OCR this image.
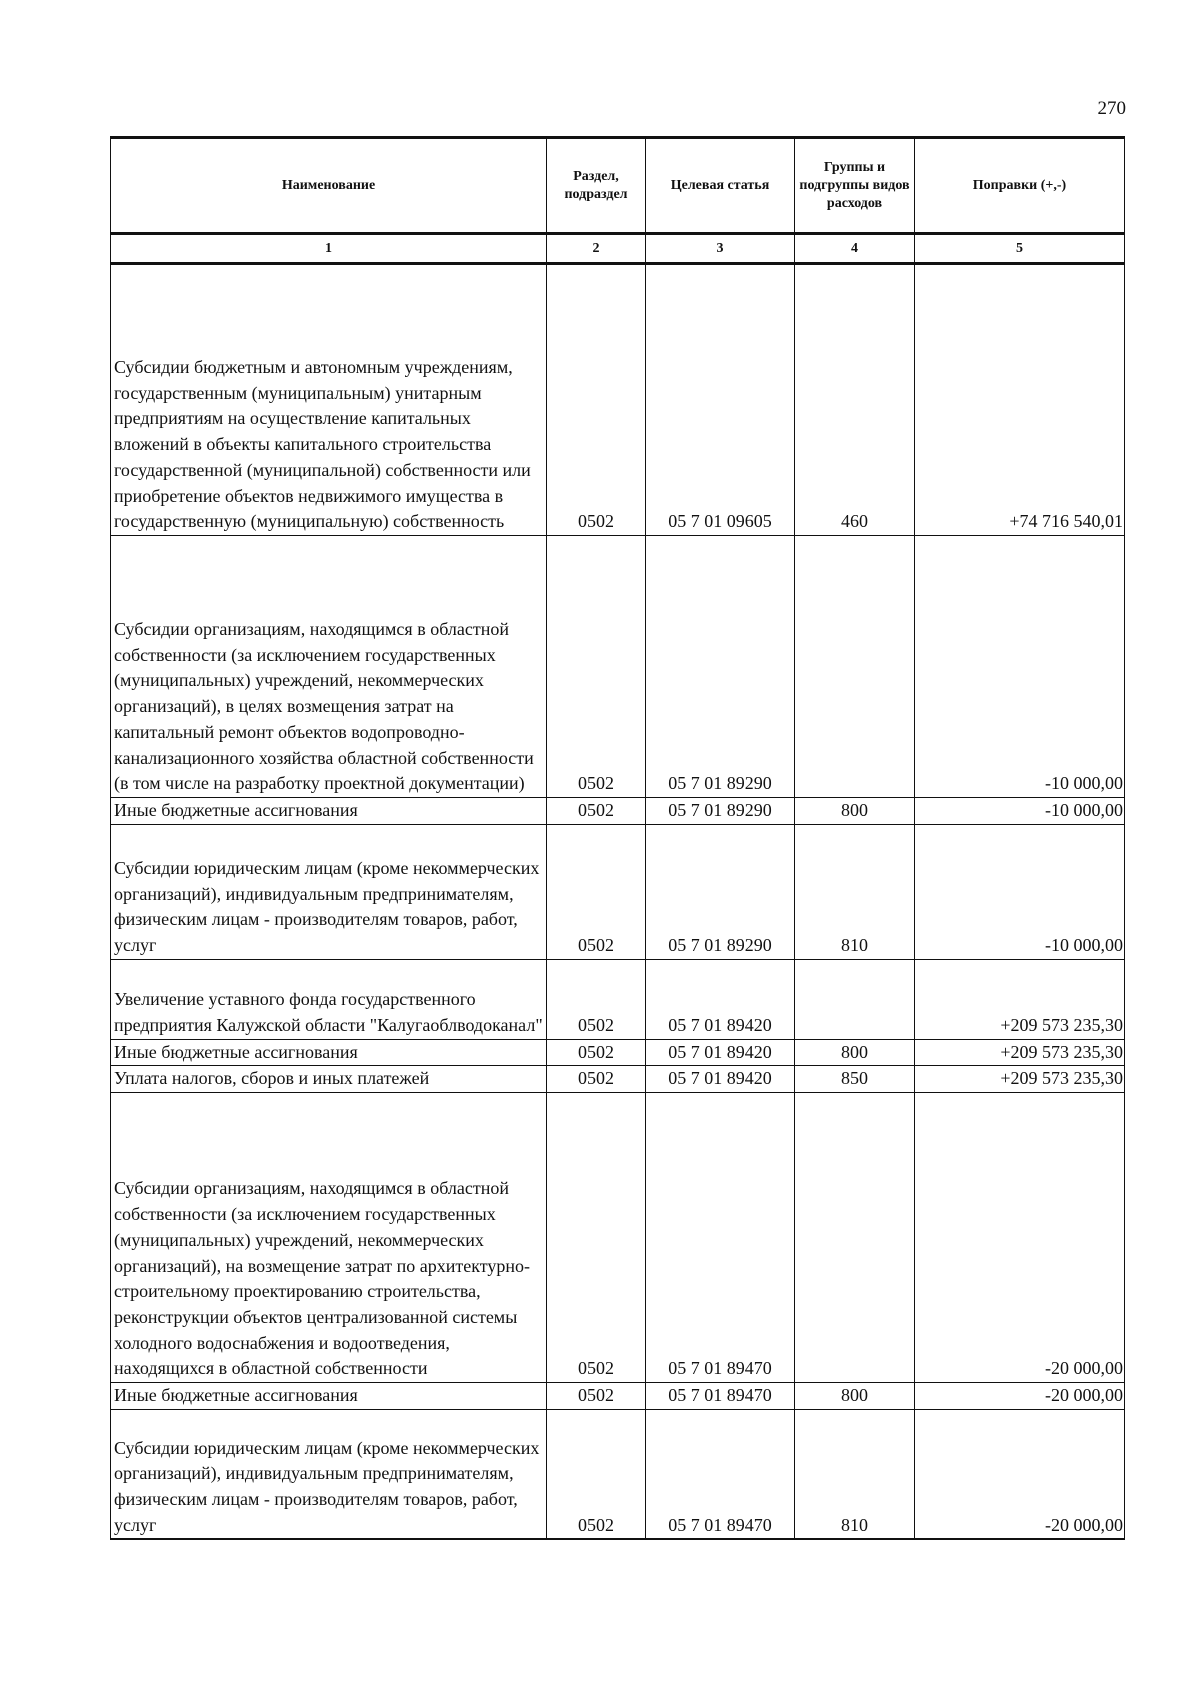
270
Наименование	Раздел, подраздел	Целевая статья	Группы и подгруппы видов расходов	Поправки (+,-)
1	2	3	4	5
Субсидии бюджетным и автономным учреждениям, государственным (муниципальным) унитарным предприятиям на осуществление капитальных вложений в объекты капитального строительства государственной (муниципальной) собственности или приобретение объектов недвижимого имущества в государственную (муниципальную) собственность	0502	05 7 01 09605	460	+74 716 540,01
Субсидии организациям, находящимся в областной собственности (за исключением государственных (муниципальных) учреждений, некоммерческих организаций), в целях возмещения затрат на капитальный ремонт объектов водопроводно-канализационного хозяйства областной собственности (в том числе на разработку проектной документации)	0502	05 7 01 89290		-10 000,00
Иные бюджетные ассигнования	0502	05 7 01 89290	800	-10 000,00
Субсидии юридическим лицам (кроме некоммерческих организаций), индивидуальным предпринимателям, физическим лицам - производителям товаров, работ, услуг	0502	05 7 01 89290	810	-10 000,00
Увеличение уставного фонда государственного предприятия Калужской области "Калугаоблводоканал"	0502	05 7 01 89420		+209 573 235,30
Иные бюджетные ассигнования	0502	05 7 01 89420	800	+209 573 235,30
Уплата налогов, сборов и иных платежей	0502	05 7 01 89420	850	+209 573 235,30
Субсидии организациям, находящимся в областной собственности (за исключением государственных (муниципальных) учреждений, некоммерческих организаций), на возмещение затрат по архитектурно-строительному проектированию строительства, реконструкции объектов централизованной системы холодного водоснабжения и водоотведения, находящихся в областной собственности	0502	05 7 01 89470		-20 000,00
Иные бюджетные ассигнования	0502	05 7 01 89470	800	-20 000,00
Субсидии юридическим лицам (кроме некоммерческих организаций), индивидуальным предпринимателям, физическим лицам - производителям товаров, работ, услуг	0502	05 7 01 89470	810	-20 000,00
